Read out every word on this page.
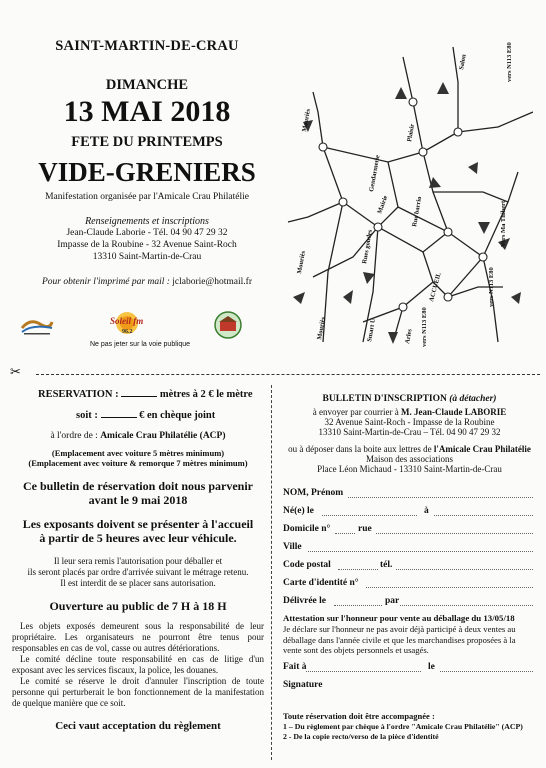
SAINT-MARTIN-DE-CRAU
DIMANCHE
13 MAI 2018
FETE DU PRINTEMPS
VIDE-GRENIERS
Manifestation organisée par l'Amicale Crau Philatélie
Renseignements et inscriptions
Jean-Claude Laborie - Tél. 04 90 47 29 32
Impasse de la Roubine - 32 Avenue Saint-Roch
13310 Saint-Martin-de-Crau
Pour obtenir l'imprimé par mail : jclaborie@hotmail.fr
Soleil fm
96.2
Ne pas jeter sur la voie publique
Salon	vers N113 E80
Mouriès
Plaisir
Gendarmerie
Mairie	Rue barrio
Mouriès	Rues goudes
ACCUEIL
Vers Ma Thibert
vers N113 E80
vers N113 E80
Arles
Mouriès	Smart U
✂
RESERVATION :	mètres à 2 € le mètre
soit :	€ en chèque joint
à l'ordre de : Amicale Crau Philatélie (ACP)
(Emplacement avec voiture 5 mètres minimum)
(Emplacement avec voiture & remorque 7 mètres minimum)
Ce bulletin de réservation doit nous parvenir
avant le 9 mai 2018
Les exposants doivent se présenter à l'accueil
à partir de 5 heures avec leur véhicule.
Il leur sera remis l'autorisation pour déballer et
ils seront placés par ordre d'arrivée suivant le métrage retenu.
Il est interdit de se placer sans autorisation.
Ouverture au public de 7 H à 18 H
Les objets exposés demeurent sous la responsabilité de leur propriétaire. Les organisateurs ne pourront être tenus pour responsables en cas de vol, casse ou autres détériorations.
Le comité décline toute responsabilité en cas de litige d'un exposant avec les services fiscaux, la police, les douanes.
Le comité se réserve le droit d'annuler l'inscription de toute personne qui perturberait le bon fonctionnement de la manifestation de quelque manière que ce soit.
Ceci vaut acceptation du règlement
BULLETIN D'INSCRIPTION (à détacher)
à envoyer par courrier à M. Jean-Claude LABORIE
32 Avenue Saint-Roch - Impasse de la Roubine
13310 Saint-Martin-de-Crau – Tél. 04 90 47 29 32
ou à déposer dans la boite aux lettres de l'Amicale Crau Philatélie
Maison des associations
Place Léon Michaud - 13310 Saint-Martin-de-Crau
NOM, Prénom
Né(e) le	à
Domicile n°	rue
Ville
Code postal	tél.
Carte d'identité n°
Délivrée le	par
Attestation sur l'honneur pour vente au déballage du 13/05/18
Je déclare sur l'honneur ne pas avoir déjà participé à deux ventes au déballage dans l'année civile et que les marchandises proposées à la vente sont des objets personnels et usagés.
Fait à	le
Signature
Toute réservation doit être accompagnée :
1 – Du règlement par chèque à l'ordre "Amicale Crau Philatélie" (ACP)
2 - De la copie recto/verso de la pièce d'identité
